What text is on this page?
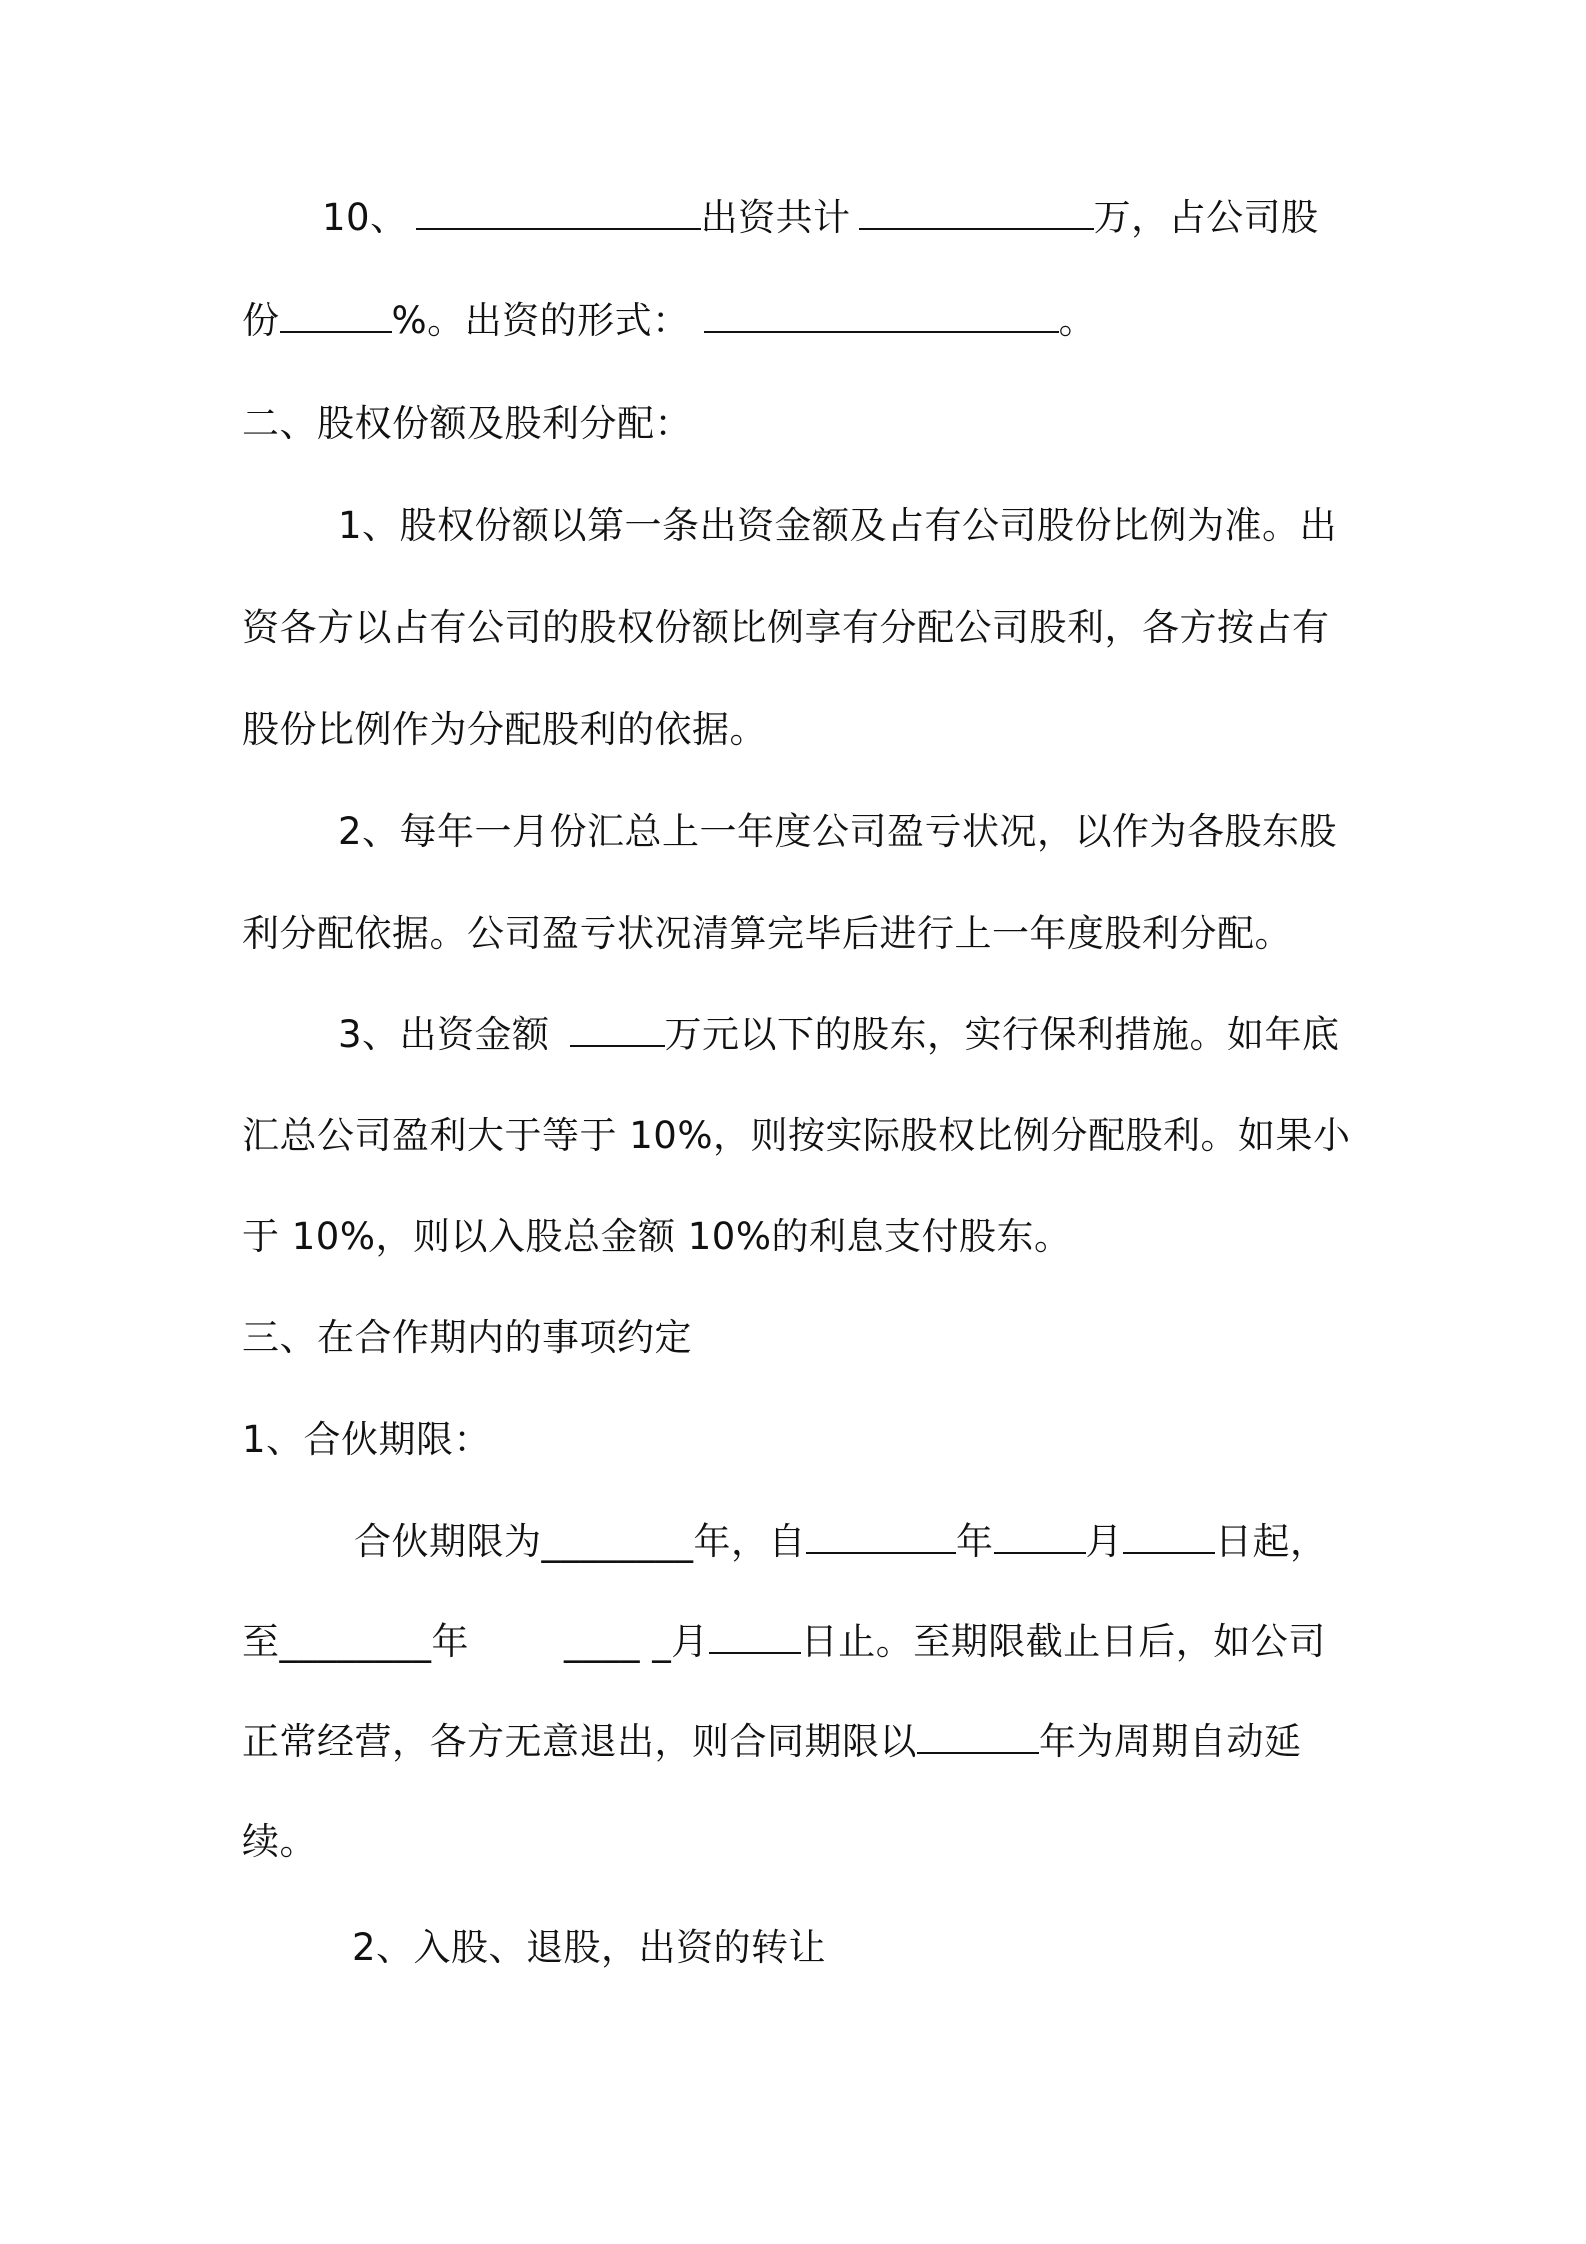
10、	出资共计	万，占公司股
份	%。出资的形式：	。
二、股权份额及股利分配：
1、股权份额以第一条出资金额及占有公司股份比例为准。出
资各方以占有公司的股权份额比例享有分配公司股利，各方按占有
股份比例作为分配股利的依据。
2、每年一月份汇总上一年度公司盈亏状况，以作为各股东股
利分配依据。公司盈亏状况清算完毕后进行上一年度股利分配。
3、出资金额	万元以下的股东，实行保利措施。如年底
汇总公司盈利大于等于 10%，则按实际股权比例分配股利。如果小
于 10%，则以入股总金额 10%的利息支付股东。
三、在合作期内的事项约定
1、合伙期限：
合伙期限为________年，自	年 月 日起，
至________年	____ _月 日止。至期限截止日后，如公司
正常经营，各方无意退出，则合同期限以	年为周期自动延
续。
2、入股、退股，出资的转让
